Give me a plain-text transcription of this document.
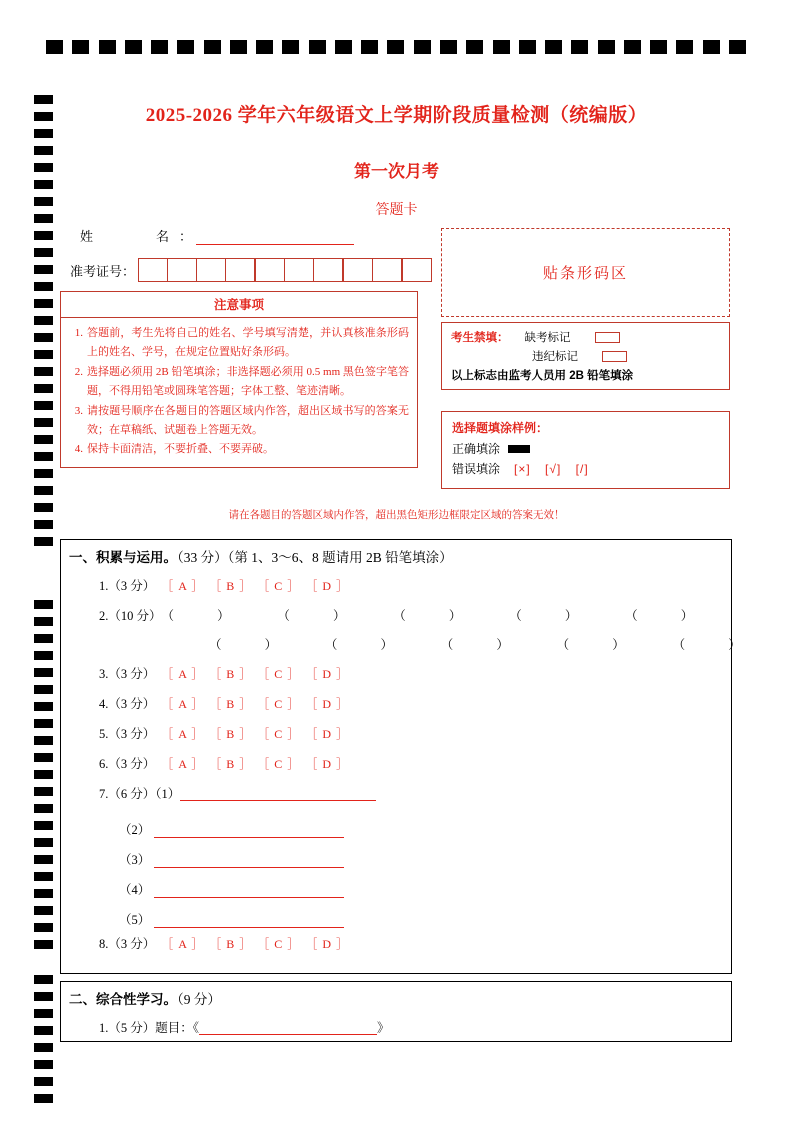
2025-2026 学年六年级语文上学期阶段质量检测（统编版）
第一次月考
答题卡
姓    名 ：
准考证号：
注意事项
1. 答题前，考生先将自己的姓名、学号填写清楚，并认真核准条形码上的姓名、学号，在规定位置贴好条形码。
2. 选择题必须用 2B 铅笔填涂；非选择题必须用 0.5 mm 黑色签字笔答题，不得用铅笔或圆珠笔答题；字体工整、笔迹清晰。
3. 请按题号顺序在各题目的答题区域内作答，超出区域书写的答案无效；在草稿纸、试题卷上答题无效。
4. 保持卡面清洁，不要折叠、不要弄破。
贴条形码区
考生禁填： 缺考标记
违纪标记
以上标志由监考人员用 2B 铅笔填涂
选择题填涂样例：
正确填涂
错误填涂 [×] [√] [/]
请在各题目的答题区域内作答，超出黑色矩形边框限定区域的答案无效！
一、积累与运用。（33 分）（第 1、3～6、8 题请用 2B 铅笔填涂）
1.（3 分） ［ A ］ ［ B ］ ［ C ］ ［ D ］
2.（10 分） （ ）	（ ）	（ ）	（ ）	（ ）
（ ）	（ ）	（ ）	（ ）	（ ）
3.（3 分） ［ A ］ ［ B ］ ［ C ］ ［ D ］
4.（3 分） ［ A ］ ［ B ］ ［ C ］ ［ D ］
5.（3 分） ［ A ］ ［ B ］ ［ C ］ ［ D ］
6.（3 分） ［ A ］ ［ B ］ ［ C ］ ［ D ］
7.（6 分）（1）
（2）
（3）
（4）
（5）
8.（3 分） ［ A ］ ［ B ］ ［ C ］ ［ D ］
二、综合性学习。（9 分）
1.（5 分）题目：《	》
